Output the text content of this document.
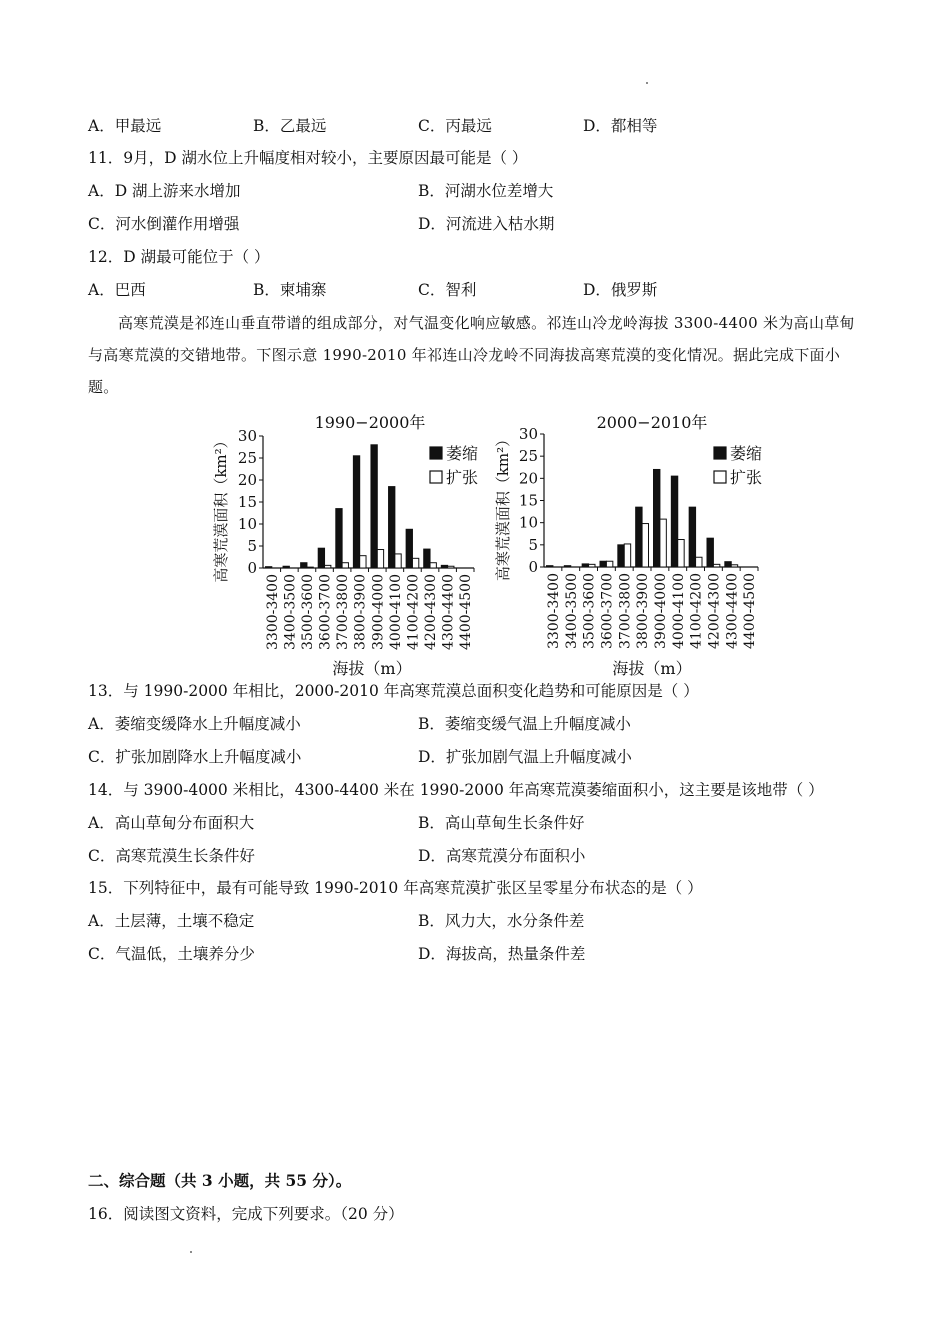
A．甲最远	B．乙最远	C．丙最远	D．都相等
11．9月，D 湖水位上升幅度相对较小，主要原因最可能是（ ）
A．D 湖上游来水增加	B．河湖水位差增大
C．河水倒灌作用增强	D．河流进入枯水期
12．D 湖最可能位于（ ）
A．巴西	B．柬埔寨	C．智利	D．俄罗斯
高寒荒漠是祁连山垂直带谱的组成部分，对气温变化响应敏感。祁连山冷龙岭海拔 3300-4400 米为高山草甸与高寒荒漠的交错地带。下图示意 1990-2010 年祁连山冷龙岭不同海拔高寒荒漠的变化情况。据此完成下面小题。
1990−2000年
高寒荒漠面积（km²） 0
5
10
15
20
25
30
3300-3400 3400-3500 3500-3600 3600-3700 3700-3800 3800-3900 3900-4000 4000-4100 4100-4200 4200-4300 4300-4400 4400-4500
萎缩
扩张
海拔（m）
2000−2010年
高寒荒漠面积（km²） 0
5
10
15
20
25
30
3300-3400 3400-3500 3500-3600 3600-3700 3700-3800 3800-3900 3900-4000 4000-4100 4100-4200 4200-4300 4300-4400 4400-4500
萎缩
扩张
海拔（m）
13．与 1990-2000 年相比，2000-2010 年高寒荒漠总面积变化趋势和可能原因是（ ）
A．萎缩变缓降水上升幅度减小	B．萎缩变缓气温上升幅度减小
C．扩张加剧降水上升幅度减小	D．扩张加剧气温上升幅度减小
14．与 3900-4000 米相比，4300-4400 米在 1990-2000 年高寒荒漠萎缩面积小，这主要是该地带（ ）
A．高山草甸分布面积大	B．高山草甸生长条件好
C．高寒荒漠生长条件好	D．高寒荒漠分布面积小
15．下列特征中，最有可能导致 1990-2010 年高寒荒漠扩张区呈零星分布状态的是（ ）
A．土层薄，土壤不稳定	B．风力大，水分条件差
C．气温低，土壤养分少	D．海拔高，热量条件差
二、综合题（共 3 小题，共 55 分）。
16．阅读图文资料，完成下列要求。（20 分）
